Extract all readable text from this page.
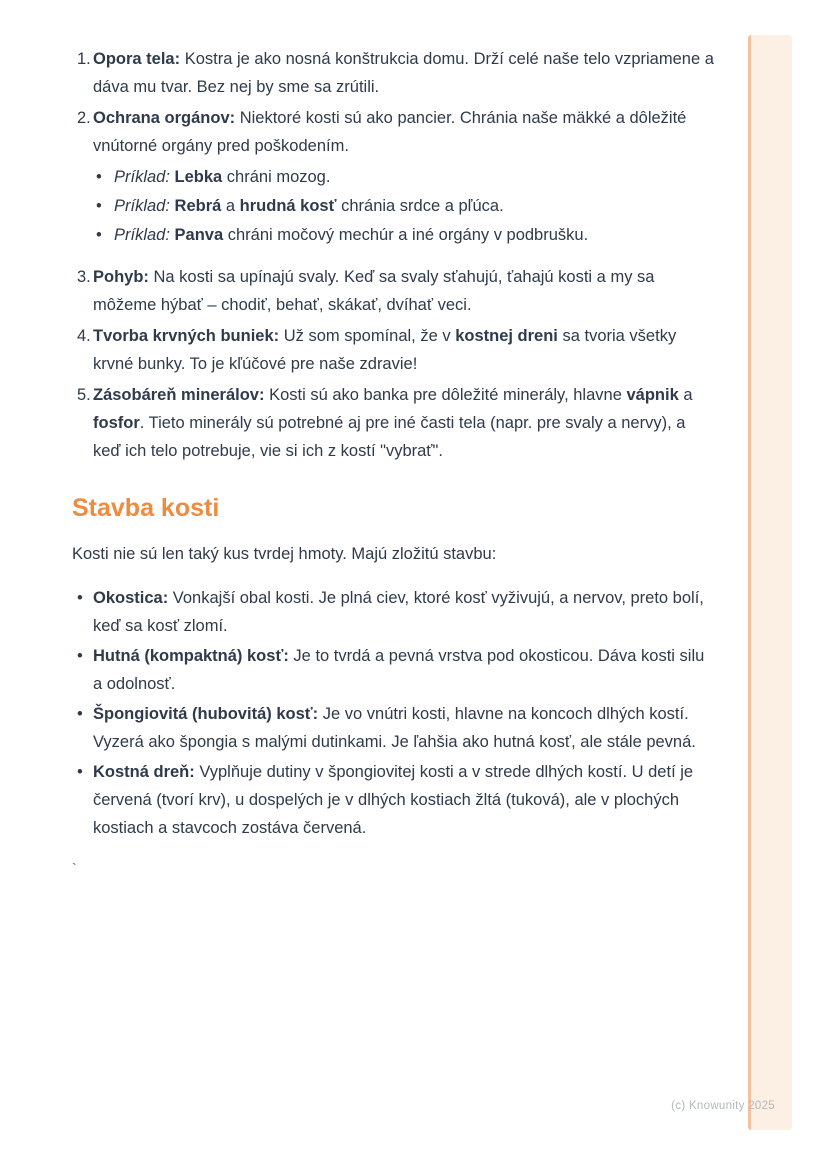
1. Opora tela: Kostra je ako nosná konštrukcia domu. Drží celé naše telo vzpriamene a dáva mu tvar. Bez nej by sme sa zrútili.
2. Ochrana orgánov: Niektoré kosti sú ako pancier. Chránia naše mäkké a dôležité vnútorné orgány pred poškodením.
•
Príklad: Lebka chráni mozog.
•
Príklad: Rebrá a hrudná kosť chránia srdce a pľúca.
•
Príklad: Panva chráni močový mechúr a iné orgány v podbrušku.
3. Pohyb: Na kosti sa upínajú svaly. Keď sa svaly sťahujú, ťahajú kosti a my sa môžeme hýbať – chodiť, behať, skákať, dvíhať veci.
4. Tvorba krvných buniek: Už som spomínal, že v kostnej dreni sa tvoria všetky krvné bunky. To je kľúčové pre naše zdravie!
5. Zásobáreň minerálov: Kosti sú ako banka pre dôležité minerály, hlavne vápnik a fosfor. Tieto minerály sú potrebné aj pre iné časti tela (napr. pre svaly a nervy), a keď ich telo potrebuje, vie si ich z kostí "vybrať".
Stavba kosti

Kosti nie sú len taký kus tvrdej hmoty. Majú zložitú stavbu:

•
Okostica: Vonkajší obal kosti. Je plná ciev, ktoré kosť vyživujú, a nervov, preto bolí, keď sa kosť zlomí.
•
Hutná (kompaktná) kosť: Je to tvrdá a pevná vrstva pod okosticou. Dáva kosti silu a odolnosť.
•
Špongiovitá (hubovitá) kosť: Je vo vnútri kosti, hlavne na koncoch dlhých kostí. Vyzerá ako špongia s malými dutinkami. Je ľahšia ako hutná kosť, ale stále pevná.
•
Kostná dreň: Vyplňuje dutiny v špongiovitej kosti a v strede dlhých kostí. U detí je červená (tvorí krv), u dospelých je v dlhých kostiach žltá (tuková), ale v plochých kostiach a stavcoch zostáva červená.
`
(c) Knowunity 2025
